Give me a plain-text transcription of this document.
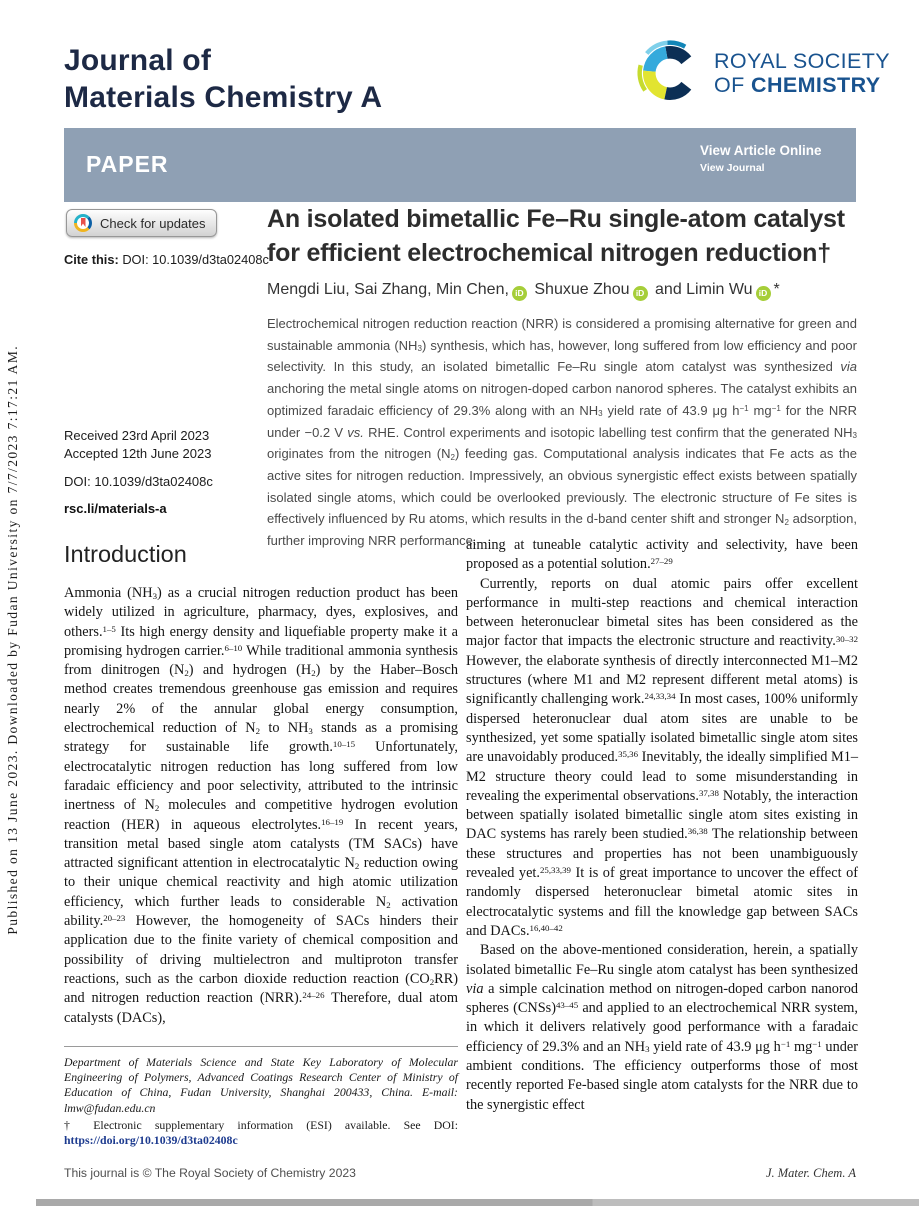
Published on 13 June 2023. Downloaded by Fudan University on 7/7/2023 7:17:21 AM.
Journal of
Materials Chemistry A
ROYAL SOCIETY
OF CHEMISTRY
PAPER
View Article Online
View Journal
Check for updates
Cite this: DOI: 10.1039/d3ta02408c
Received 23rd April 2023
Accepted 12th June 2023
DOI: 10.1039/d3ta02408c
rsc.li/materials-a
An isolated bimetallic Fe–Ru single-atom catalyst for efficient electrochemical nitrogen reduction†
Mengdi Liu, Sai Zhang, Min Chen, iD Shuxue Zhou iD and Limin Wu iD *
Electrochemical nitrogen reduction reaction (NRR) is considered a promising alternative for green and sustainable ammonia $(NH_3)$ synthesis, which has, however, long suffered from low efficiency and poor selectivity. In this study, an isolated bimetallic Fe–Ru single atom catalyst was synthesized via anchoring the metal single atoms on nitrogen-doped carbon nanorod spheres. The catalyst exhibits an optimized faradaic efficiency of 29.3% along with an $NH_3$ yield rate of 43.9 μg $h^{-1}$ $mg^{-1}$ for the NRR under −0.2 V vs. RHE. Control experiments and isotopic labelling test confirm that the generated $NH_3$ originates from the nitrogen $(N_2)$ feeding gas. Computational analysis indicates that Fe acts as the active sites for nitrogen reduction. Impressively, an obvious synergistic effect exists between spatially isolated single atoms, which could be overlooked previously. The electronic structure of Fe sites is effectively influenced by Ru atoms, which results in the d-band center shift and stronger $N_2$ adsorption, further improving NRR performance.
Introduction

Ammonia $(NH_3)$ as a crucial nitrogen reduction product has been widely utilized in agriculture, pharmacy, dyes, explosives, and others.$^{1-5}$ Its high energy density and liquefiable property make it a promising hydrogen carrier.$^{6-10}$ While traditional ammonia synthesis from dinitrogen $(N_2)$ and hydrogen $(H_2)$ by the Haber–Bosch method creates tremendous greenhouse gas emission and requires nearly 2% of the annular global energy consumption, electrochemical reduction of $N_2$ to $NH_3$ stands as a promising strategy for sustainable life growth.$^{10-15}$ Unfortunately, electrocatalytic nitrogen reduction has long suffered from low faradaic efficiency and poor selectivity, attributed to the intrinsic inertness of $N_2$ molecules and competitive hydrogen evolution reaction (HER) in aqueous electrolytes.$^{16-19}$ In recent years, transition metal based single atom catalysts (TM SACs) have attracted significant attention in electrocatalytic $N_2$ reduction owing to their unique chemical reactivity and high atomic utilization efficiency, which further leads to considerable $N_2$ activation ability.$^{20-23}$ However, the homogeneity of SACs hinders their application due to the finite variety of chemical composition and possibility of driving multielectron and multiproton transfer reactions, such as the carbon dioxide reduction reaction $(CO_2RR)$ and nitrogen reduction reaction (NRR).$^{24-26}$ Therefore, dual atom catalysts (DACs),

aiming at tuneable catalytic activity and selectivity, have been proposed as a potential solution.$^{27-29}$

Currently, reports on dual atomic pairs offer excellent performance in multi-step reactions and chemical interaction between heteronuclear bimetal sites has been considered as the major factor that impacts the electronic structure and reactivity.$^{30-32}$ However, the elaborate synthesis of directly interconnected M1–M2 structures (where M1 and M2 represent different metal atoms) is significantly challenging work.$^{24,33,34}$ In most cases, 100% uniformly dispersed heteronuclear dual atom sites are unable to be synthesized, yet some spatially isolated bimetallic single atom sites are unavoidably produced.$^{35,36}$ Inevitably, the ideally simplified M1–M2 structure theory could lead to some misunderstanding in revealing the experimental observations.$^{37,38}$ Notably, the interaction between spatially isolated bimetallic single atom sites existing in DAC systems has rarely been studied.$^{36,38}$ The relationship between these structures and properties has not been unambiguously revealed yet.$^{25,33,39}$ It is of great importance to uncover the effect of randomly dispersed heteronuclear bimetal atomic sites in electrocatalytic systems and fill the knowledge gap between SACs and DACs.$^{16,40-42}$

Based on the above-mentioned consideration, herein, a spatially isolated bimetallic Fe–Ru single atom catalyst has been synthesized via a simple calcination method on nitrogen-doped carbon nanorod spheres (CNSs)$^{43-45}$ and applied to an electrochemical NRR system, in which it delivers relatively good performance with a faradaic efficiency of 29.3% and an $NH_3$ yield rate of 43.9 μg $h^{-1}$ $mg^{-1}$ under ambient conditions. The efficiency outperforms those of most recently reported Fe-based single atom catalysts for the NRR due to the synergistic effect

Department of Materials Science and State Key Laboratory of Molecular Engineering of Polymers, Advanced Coatings Research Center of Ministry of Education of China, Fudan University, Shanghai 200433, China. E-mail: lmw@fudan.edu.cn
† Electronic supplementary information (ESI) available. See DOI: https://doi.org/10.1039/d3ta02408c
This journal is © The Royal Society of Chemistry 2023	J. Mater. Chem. A
